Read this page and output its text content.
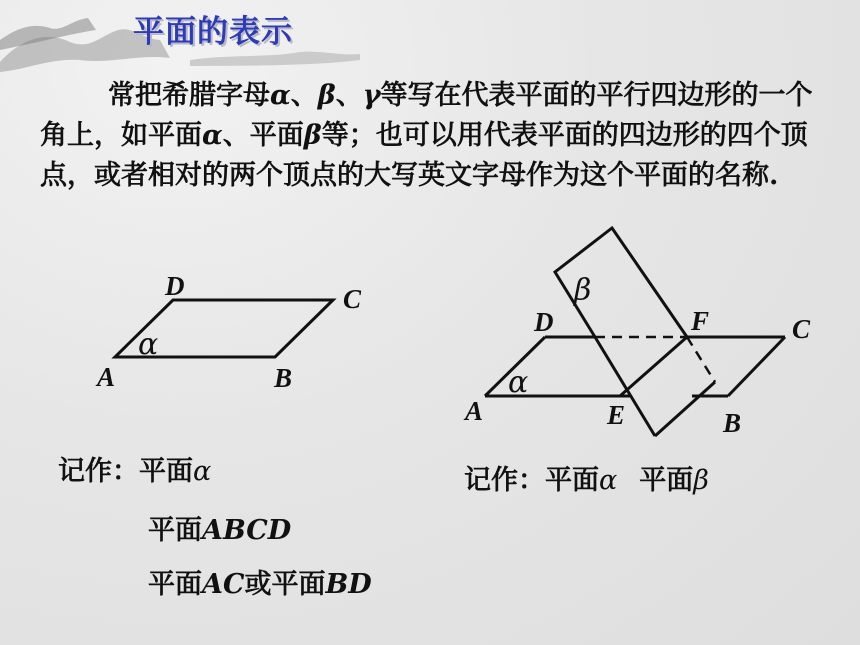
平面的表示
常把希腊字母α、β、γ等写在代表平面的平行四边形的一个角上，如平面α、平面β等；也可以用代表平面的四边形的四个顶点，或者相对的两个顶点的大写英文字母作为这个平面的名称.
D	C
A	B
α
D	F	C
A	E	B
α
β
记作：平面α
平面ABCD
平面AC或平面BD
记作：平面α 平面β
